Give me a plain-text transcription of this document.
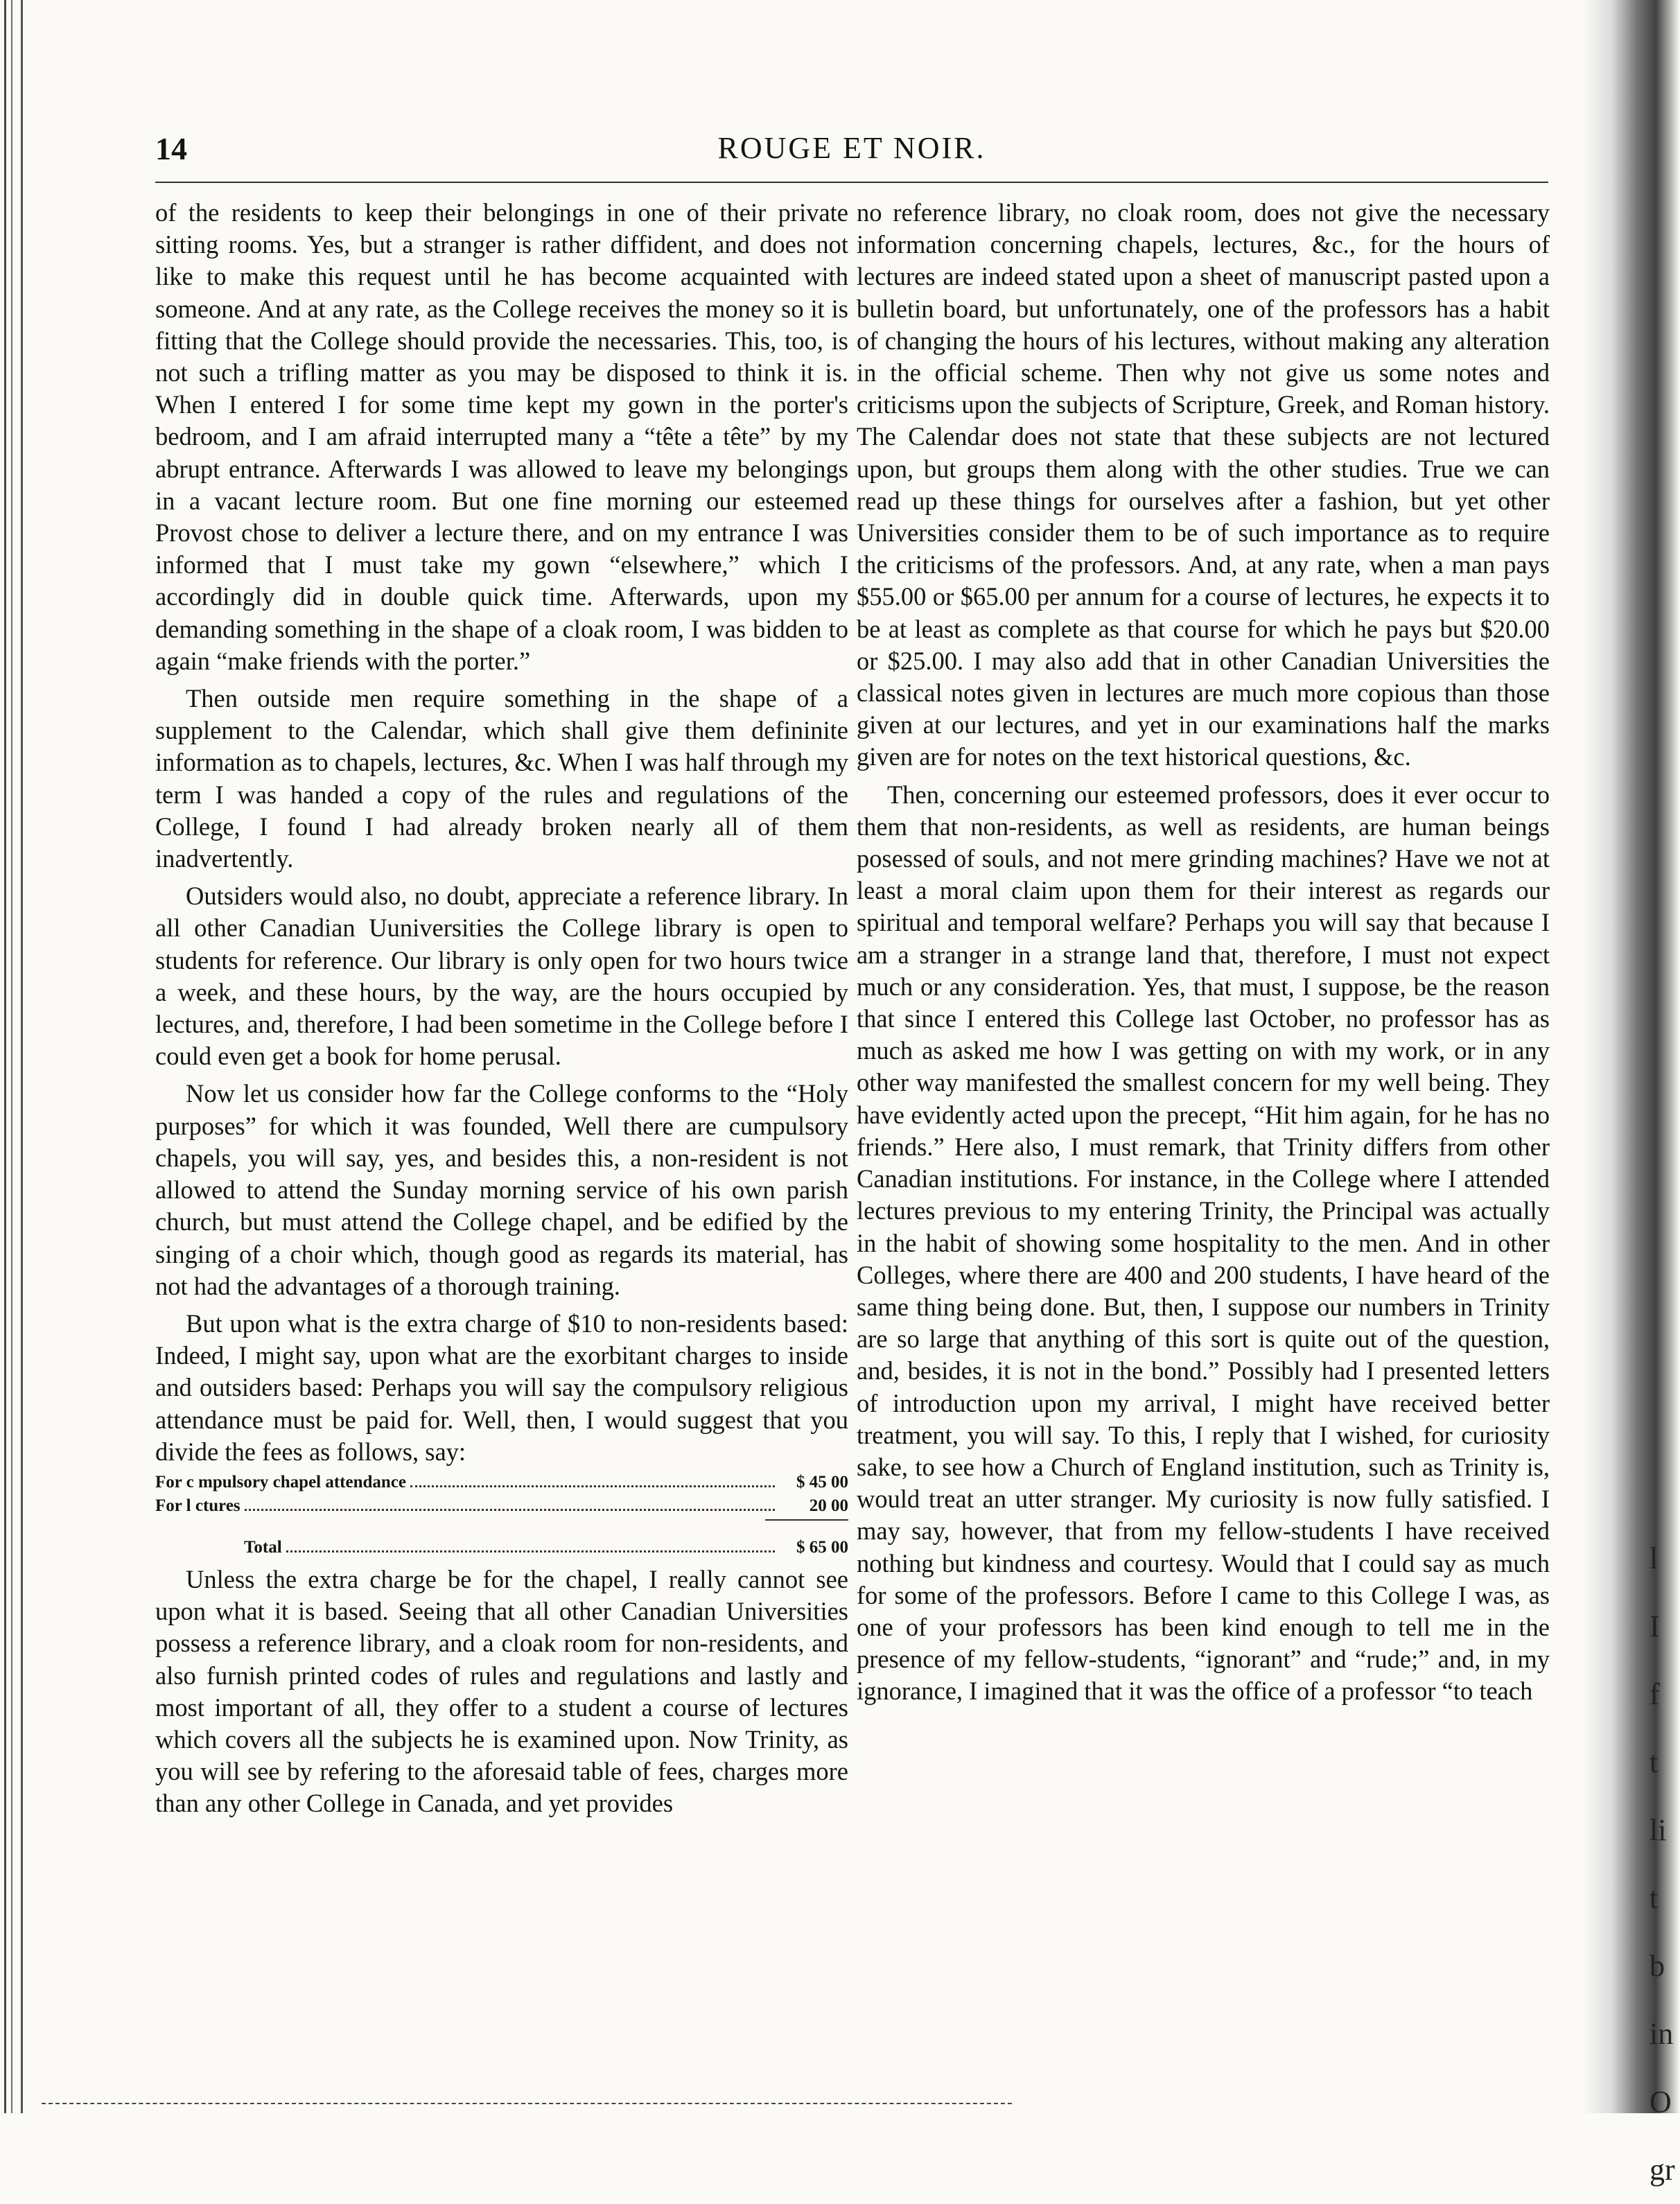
l
I
f
t
li
t
b
in
O
gr
14	ROUGE ET NOIR.

of the residents to keep their belongings in one of their private sitting rooms. Yes, but a stranger is rather diffident, and does not like to make this request until he has become acquainted with someone. And at any rate, as the College receives the money so it is fitting that the College should provide the necessaries. This, too, is not such a trifling matter as you may be disposed to think it is. When I entered I for some time kept my gown in the porter's bedroom, and I am afraid interrupted many a “tête a tête” by my abrupt entrance. Afterwards I was allowed to leave my belongings in a vacant lecture room. But one fine morning our esteemed Provost chose to deliver a lecture there, and on my entrance I was informed that I must take my gown “elsewhere,” which I accordingly did in double quick time. Afterwards, upon my demanding something in the shape of a cloak room, I was bidden to again “make friends with the porter.”

Then outside men require something in the shape of a supplement to the Calendar, which shall give them defininite information as to chapels, lectures, &c. When I was half through my term I was handed a copy of the rules and regulations of the College, I found I had already broken nearly all of them inadvertently.

Outsiders would also, no doubt, appreciate a reference library. In all other Canadian Uuniversities the College library is open to students for reference. Our library is only open for two hours twice a week, and these hours, by the way, are the hours occupied by lectures, and, therefore, I had been sometime in the College before I could even get a book for home perusal.

Now let us consider how far the College conforms to the “Holy purposes” for which it was founded, Well there are cumpulsory chapels, you will say, yes, and besides this, a non-resident is not allowed to attend the Sunday morning service of his own parish church, but must attend the College chapel, and be edified by the singing of a choir which, though good as regards its material, has not had the advantages of a thorough training.

But upon what is the extra charge of $10 to non-residents based: Indeed, I might say, upon what are the exorbitant charges to inside and outsiders based: Perhaps you will say the compulsory religious attendance must be paid for. Well, then, I would suggest that you divide the fees as follows, say:

For c mpulsory chapel attendance	$ 45 00
For l ctures	20 00
Total	$ 65 00

Unless the extra charge be for the chapel, I really cannot see upon what it is based. Seeing that all other Canadian Universities possess a reference library, and a cloak room for non-residents, and also furnish printed codes of rules and regulations and lastly and most important of all, they offer to a student a course of lectures which covers all the subjects he is examined upon. Now Trinity, as you will see by refering to the aforesaid table of fees, charges more than any other College in Canada, and yet provides

no reference library, no cloak room, does not give the necessary information concerning chapels, lectures, &c., for the hours of lectures are indeed stated upon a sheet of manuscript pasted upon a bulletin board, but unfortunately, one of the professors has a habit of changing the hours of his lectures, without making any alteration in the official scheme. Then why not give us some notes and criticisms upon the subjects of Scripture, Greek, and Roman history. The Calendar does not state that these subjects are not lectured upon, but groups them along with the other studies. True we can read up these things for ourselves after a fashion, but yet other Universities consider them to be of such importance as to require the criticisms of the professors. And, at any rate, when a man pays $55.00 or $65.00 per annum for a course of lectures, he expects it to be at least as complete as that course for which he pays but $20.00 or $25.00. I may also add that in other Canadian Universities the classical notes given in lectures are much more copious than those given at our lectures, and yet in our examinations half the marks given are for notes on the text historical questions, &c.

Then, concerning our esteemed professors, does it ever occur to them that non-residents, as well as residents, are human beings posessed of souls, and not mere grinding machines? Have we not at least a moral claim upon them for their interest as regards our spiritual and temporal welfare? Perhaps you will say that because I am a stranger in a strange land that, therefore, I must not expect much or any consideration. Yes, that must, I suppose, be the reason that since I entered this College last October, no professor has as much as asked me how I was getting on with my work, or in any other way manifested the smallest concern for my well being. They have evidently acted upon the precept, “Hit him again, for he has no friends.” Here also, I must remark, that Trinity differs from other Canadian institutions. For instance, in the College where I attended lectures previous to my entering Trinity, the Principal was actually in the habit of showing some hospitality to the men. And in other Colleges, where there are 400 and 200 students, I have heard of the same thing being done. But, then, I suppose our numbers in Trinity are so large that anything of this sort is quite out of the question, and, besides, it is not in the bond.” Possibly had I presented letters of introduction upon my arrival, I might have received better treatment, you will say. To this, I reply that I wished, for curiosity sake, to see how a Church of England institution, such as Trinity is, would treat an utter stranger. My curiosity is now fully satisfied. I may say, however, that from my fellow-students I have received nothing but kindness and courtesy. Would that I could say as much for some of the professors. Before I came to this College I was, as one of your professors has been kind enough to tell me in the presence of my fellow-students, “ignorant” and “rude;” and, in my ignorance, I imagined that it was the office of a professor “to teach
